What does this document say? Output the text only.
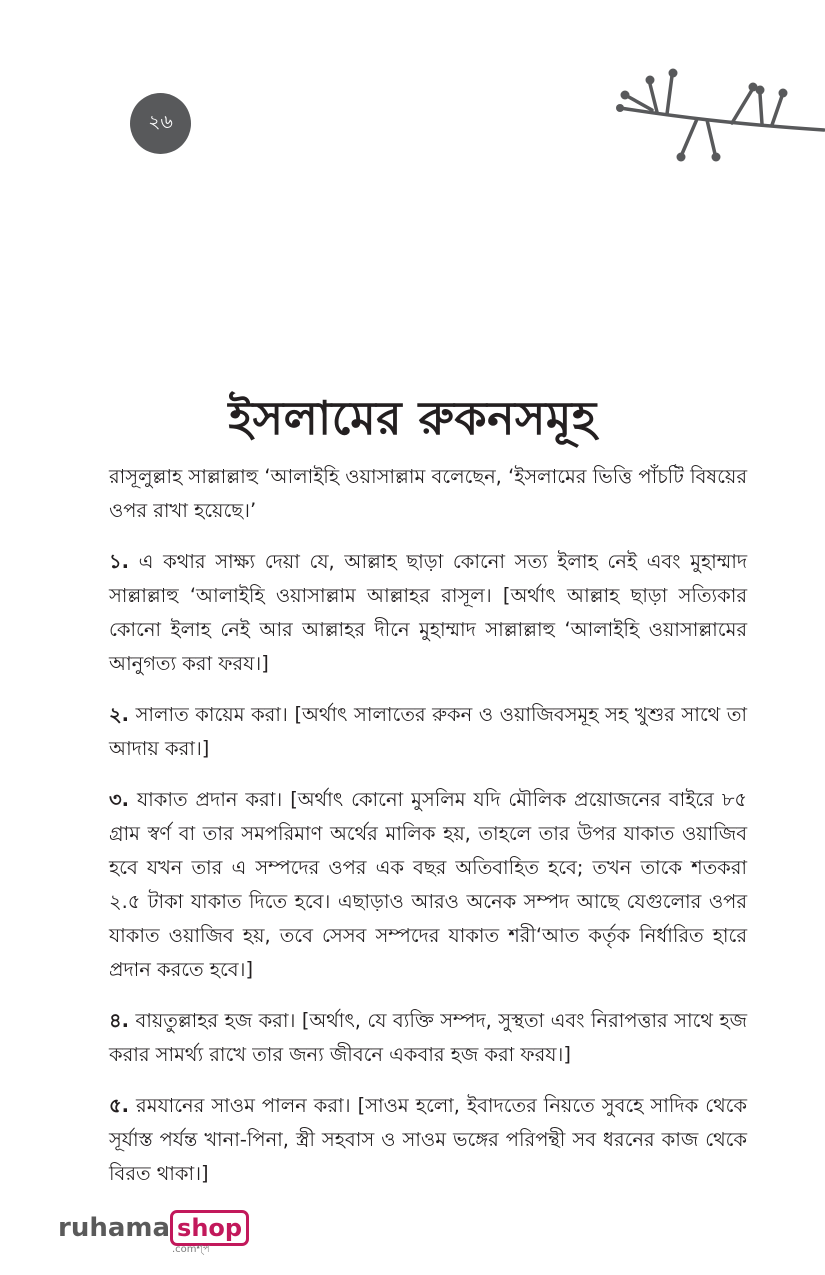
২৬
ইসলামের রুকনসমূহ

রাসূলুল্লাহ সাল্লাল্লাহু ‘আলাইহি ওয়াসাল্লাম বলেছেন, ‘ইসলামের ভিত্তি পাঁচটি বিষয়ের ওপর রাখা হয়েছে।’

১. এ কথার সাক্ষ্য দেয়া যে, আল্লাহ ছাড়া কোনো সত্য ইলাহ নেই এবং মুহাম্মাদ সাল্লাল্লাহু ‘আলাইহি ওয়াসাল্লাম আল্লাহর রাসূল। [অর্থাৎ আল্লাহ ছাড়া সত্যিকার কোনো ইলাহ নেই আর আল্লাহর দীনে মুহাম্মাদ সাল্লাল্লাহু ‘আলাইহি ওয়াসাল্লামের আনুগত্য করা ফরয।]

২. সালাত কায়েম করা। [অর্থাৎ সালাতের রুকন ও ওয়াজিবসমূহ সহ খুশুর সাথে তা আদায় করা।]

৩. যাকাত প্রদান করা। [অর্থাৎ কোনো মুসলিম যদি মৌলিক প্রয়োজনের বাইরে ৮৫ গ্রাম স্বর্ণ বা তার সমপরিমাণ অর্থের মালিক হয়, তাহলে তার উপর যাকাত ওয়াজিব হবে যখন তার এ সম্পদের ওপর এক বছর অতিবাহিত হবে; তখন তাকে শতকরা ২.৫ টাকা যাকাত দিতে হবে। এছাড়াও আরও অনেক সম্পদ আছে যেগুলোর ওপর যাকাত ওয়াজিব হয়, তবে সেসব সম্পদের যাকাত শরী‘আত কর্তৃক নির্ধারিত হারে প্রদান করতে হবে।]

৪. বায়তুল্লাহর হজ করা। [অর্থাৎ, যে ব্যক্তি সম্পদ, সুস্থতা এবং নিরাপত্তার সাথে হজ করার সামর্থ্য রাখে তার জন্য জীবনে একবার হজ করা ফরয।]

৫. রমযানের সাওম পালন করা। [সাওম হলো, ইবাদতের নিয়তে সুবহে সাদিক থেকে সূর্যাস্ত পর্যন্ত খানা-পিনা, স্ত্রী সহবাস ও সাওম ভঙ্গের পরিপন্থী সব ধরনের কাজ থেকে বিরত থাকা।]

ruhama shop
.comশ্প
